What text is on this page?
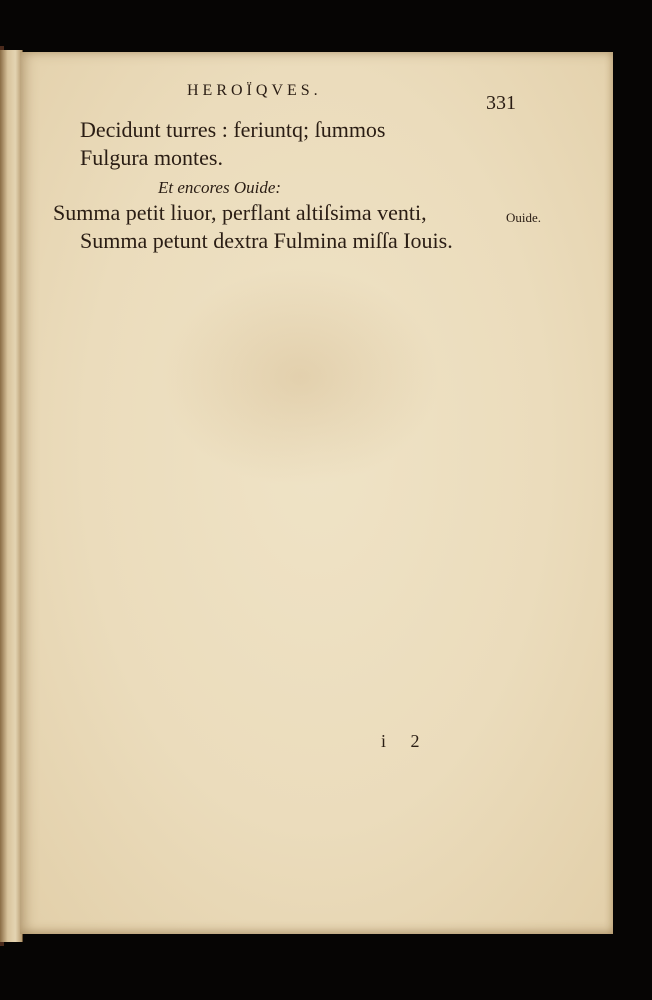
HEROÏQVES.
331
Decidunt turres : feriuntq; ſummos
Fulgura montes.
Et encores Ouide:
Summa petit liuor, perflant altiſsima venti,
Summa petunt dextra Fulmina miſſa Iouis.
Ouide.
i 2
